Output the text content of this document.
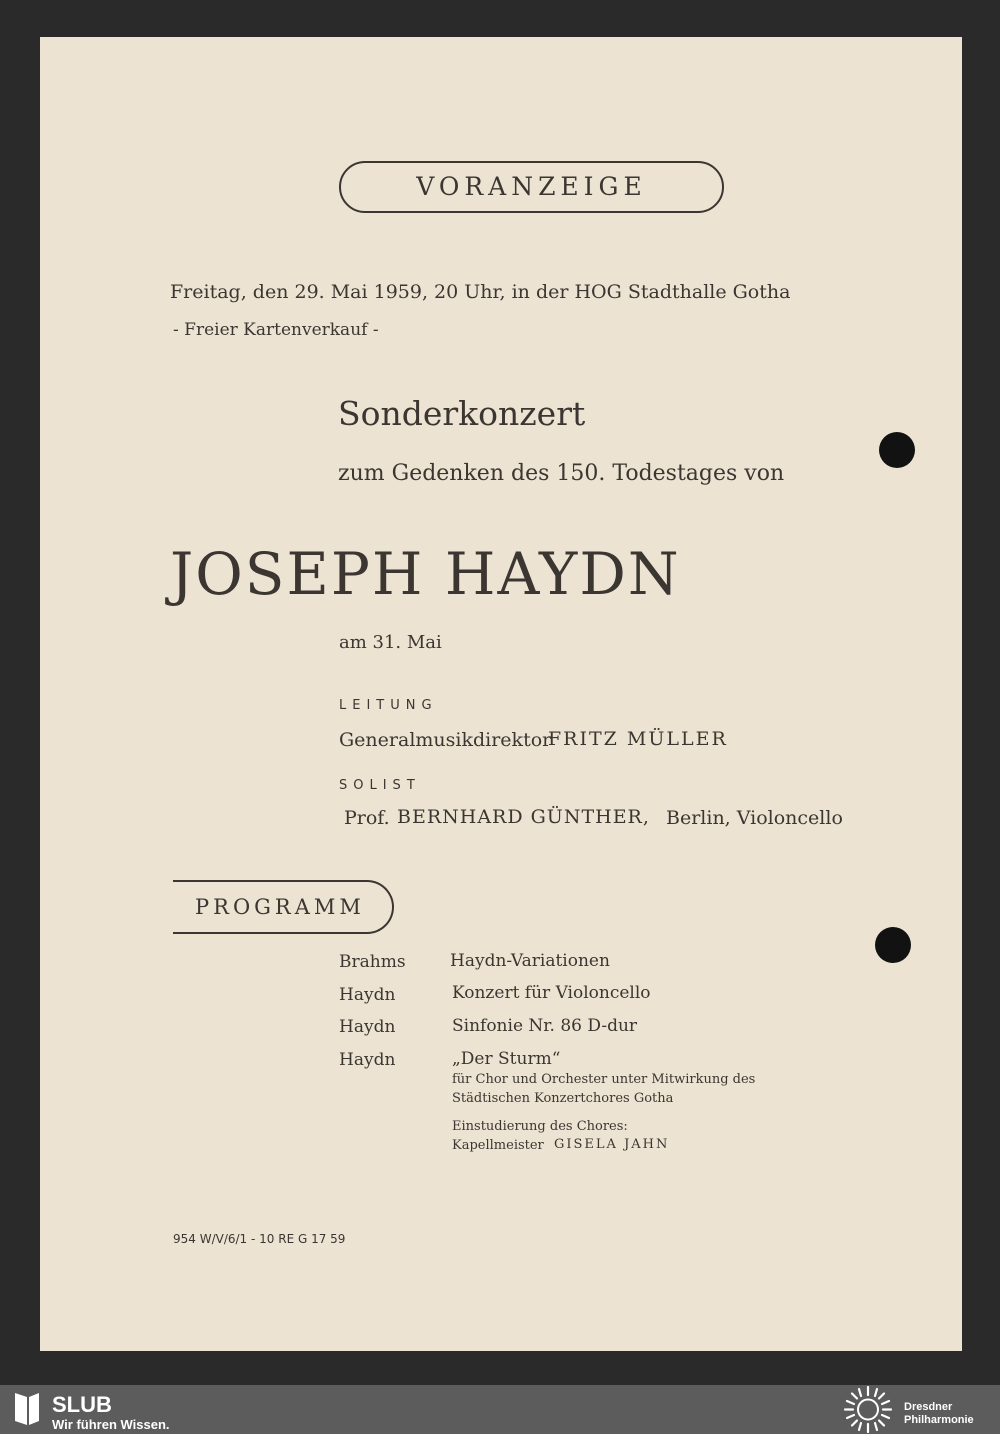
VORANZEIGE
Freitag, den 29. Mai 1959, 20 Uhr, in der HOG Stadthalle Gotha
- Freier Kartenverkauf -
Sonderkonzert
zum Gedenken des 150. Todestages von
JOSEPH HAYDN
am 31. Mai
LEITUNG
Generalmusikdirektor
FRITZ MÜLLER
SOLIST
Prof. BERNHARD GÜNTHER, Berlin, Violoncello
PROGRAMM
Brahms	Haydn-Variationen
Haydn	Konzert für Violoncello
Haydn	Sinfonie Nr. 86 D-dur
Haydn	„Der Sturm“
für Chor und Orchester unter Mitwirkung des
Städtischen Konzertchores Gotha
Einstudierung des Chores:
Kapellmeister GISELA JAHN
954 W/V/6/1 - 10 RE G 17 59
SLUB
Wir führen Wissen.
Dresdner
Philharmonie
